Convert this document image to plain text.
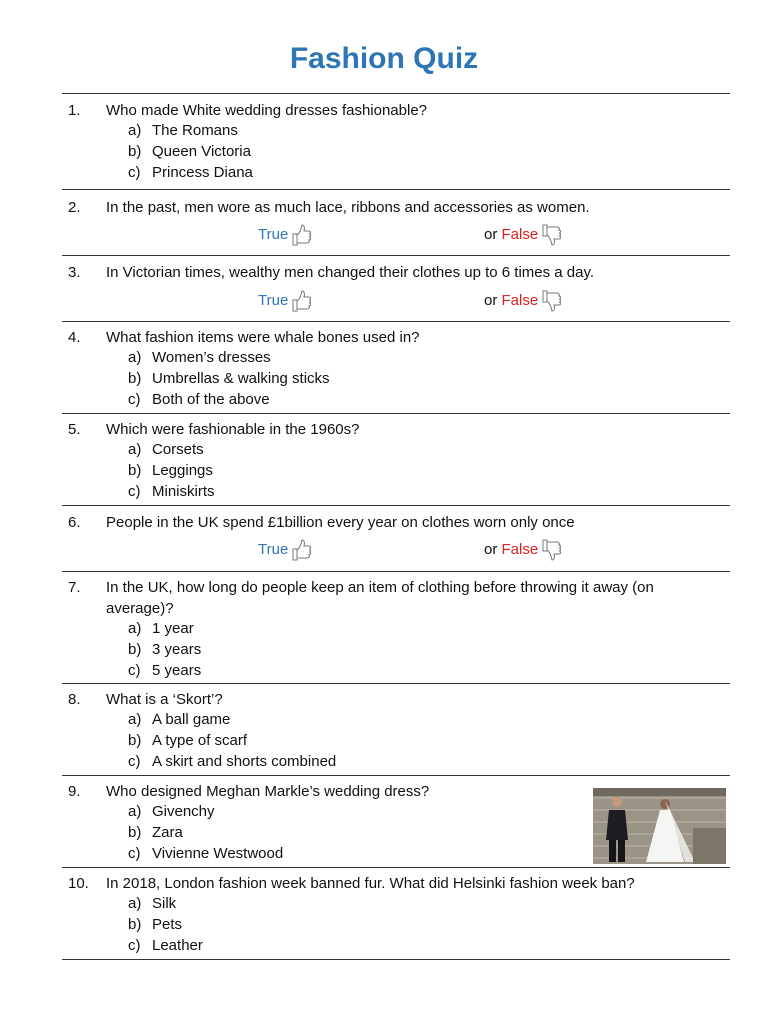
Fashion Quiz
1. Who made White wedding dresses fashionable?
a) The Romans
b) Queen Victoria
c) Princess Diana
2. In the past, men wore as much lace, ribbons and accessories as women.
True	or False
3. In Victorian times, wealthy men changed their clothes up to 6 times a day.
True	or False
4. What fashion items were whale bones used in?
a) Women’s dresses
b) Umbrellas & walking sticks
c) Both of the above
5. Which were fashionable in the 1960s?
a) Corsets
b) Leggings
c) Miniskirts
6. People in the UK spend £1billion every year on clothes worn only once
True	or False
7. In the UK, how long do people keep an item of clothing before throwing it away (on average)?
a) 1 year
b) 3 years
c) 5 years
8. What is a ‘Skort’?
a) A ball game
b) A type of scarf
c) A skirt and shorts combined
9. Who designed Meghan Markle’s wedding dress?
a) Givenchy
b) Zara
c) Vivienne Westwood
10. In 2018, London fashion week banned fur. What did Helsinki fashion week ban?
a) Silk
b) Pets
c) Leather
